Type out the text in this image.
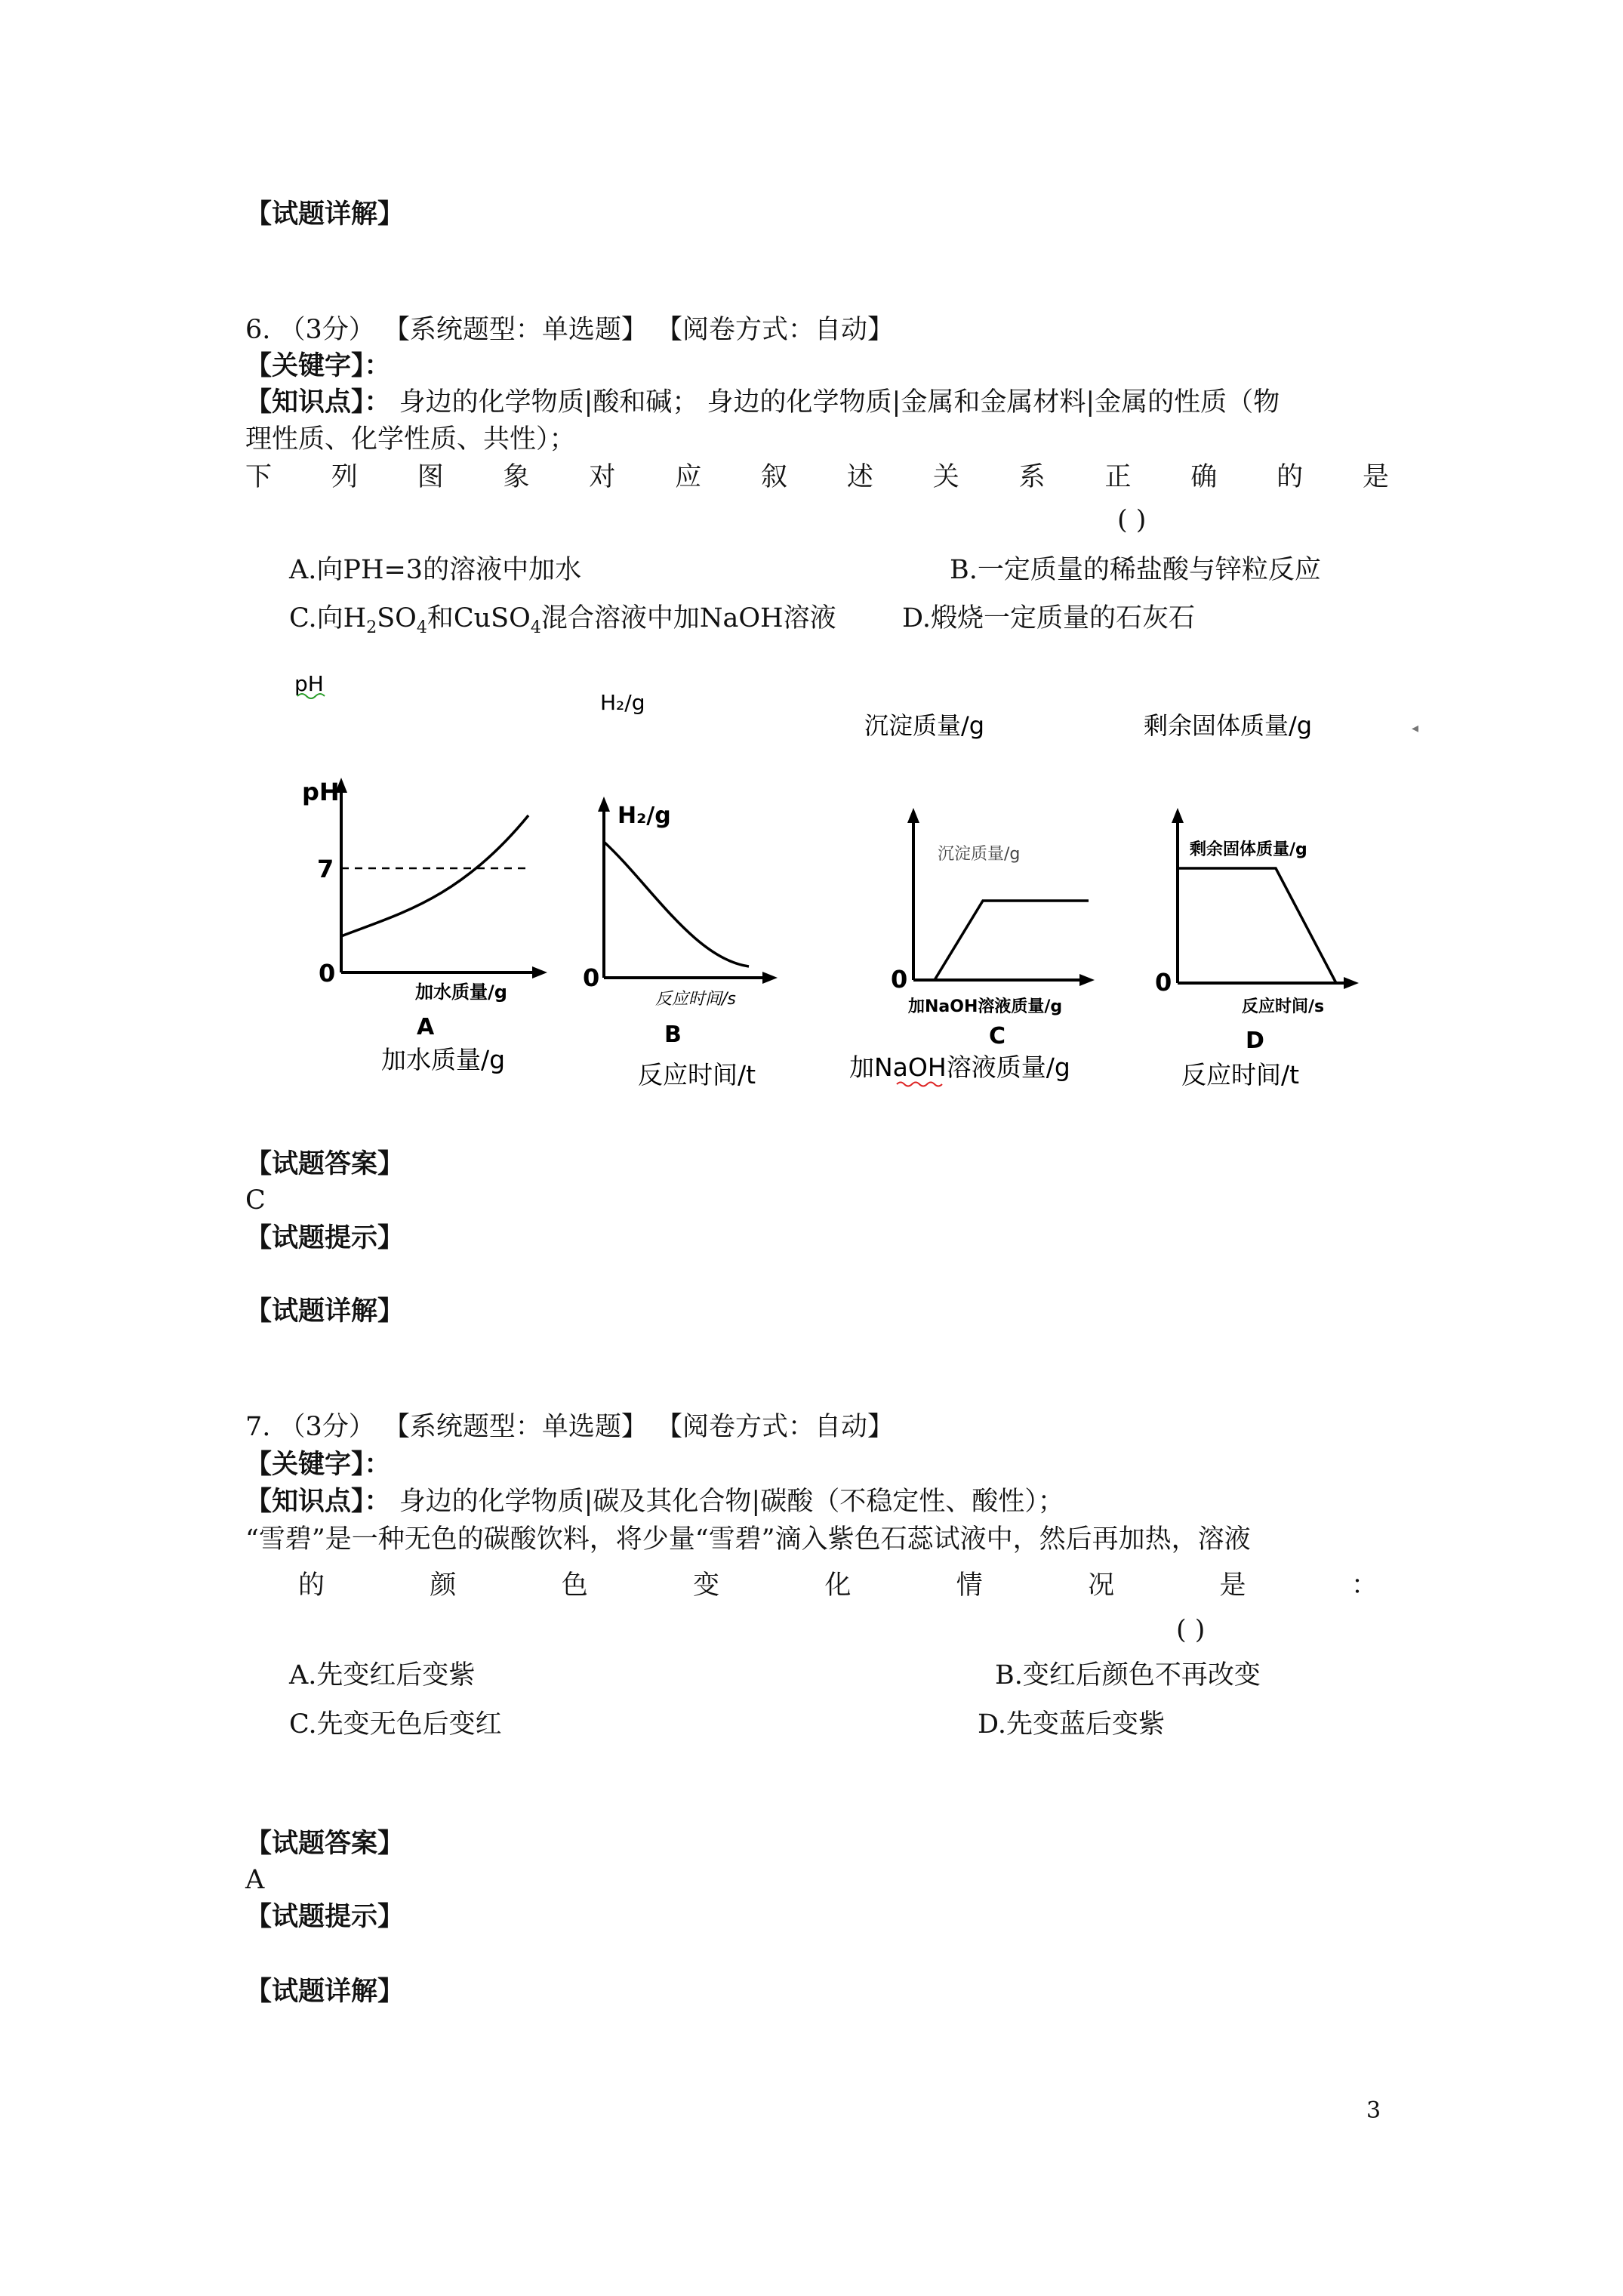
【试题详解】
6. （3分） 【系统题型：单选题】 【阅卷方式：自动】
【关键字】：
【知识点】： 身边的化学物质|酸和碱； 身边的化学物质|金属和金属材料|金属的性质（物
理性质、化学性质、共性）；
下 列 图 象 对 应 叙 述 关 系 正 确 的 是
( )
A.向PH=3的溶液中加水	B.一定质量的稀盐酸与锌粒反应
C.向$H_2SO_4$和CuSO$_4$混合溶液中加NaOH溶液 D.煅烧一定质量的石灰石
pH
H₂/g
沉淀质量/g	剩余固体质量/g	◂
pH
7
0
加水质量/g
A
H₂/g
0
反应时间/s
B
沉淀质量/g
0
加NaOH溶液质量/g
C
剩余固体质量/g
0
反应时间/s
D
加水质量/g
反应时间/t	加NaOH溶液质量/g	反应时间/t
【试题答案】
C
【试题提示】
【试题详解】
7. （3分） 【系统题型：单选题】 【阅卷方式：自动】
【关键字】：
【知识点】： 身边的化学物质|碳及其化合物|碳酸（不稳定性、酸性）；
“雪碧”是一种无色的碳酸饮料，将少量“雪碧”滴入紫色石蕊试液中，然后再加热，溶液
的	颜	色	变	化	情	况	是	：
( )
A.先变红后变紫	B.变红后颜色不再改变
C.先变无色后变红	D.先变蓝后变紫
【试题答案】
A
【试题提示】
【试题详解】
3
